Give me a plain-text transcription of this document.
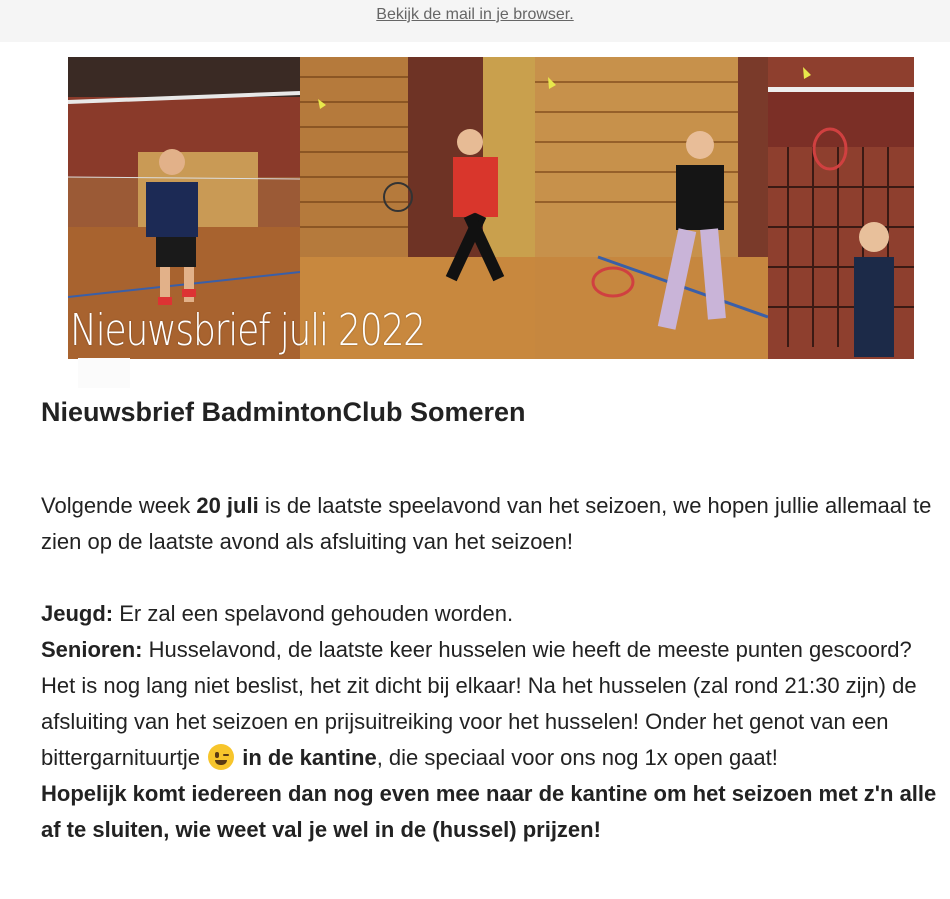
Bekijk de mail in je browser.
Nieuwsbrief juli 2022
Nieuwsbrief BadmintonClub Someren

Volgende week 20 juli is de laatste speelavond van het seizoen, we hopen jullie allemaal te zien op de laatste avond als afsluiting van het seizoen!

Jeugd: Er zal een spelavond gehouden worden.

Senioren: Husselavond, de laatste keer husselen wie heeft de meeste punten gescoord? Het is nog lang niet beslist, het zit dicht bij elkaar! Na het husselen (zal rond 21:30 zijn) de afsluiting van het seizoen en prijsuitreiking voor het husselen! Onder het genot van een bittergarnituurtje
in de kantine, die speciaal voor ons nog 1x open gaat!

Hopelijk komt iedereen dan nog even mee naar de kantine om het seizoen met z'n alle af te sluiten, wie weet val je wel in de (hussel) prijzen!
